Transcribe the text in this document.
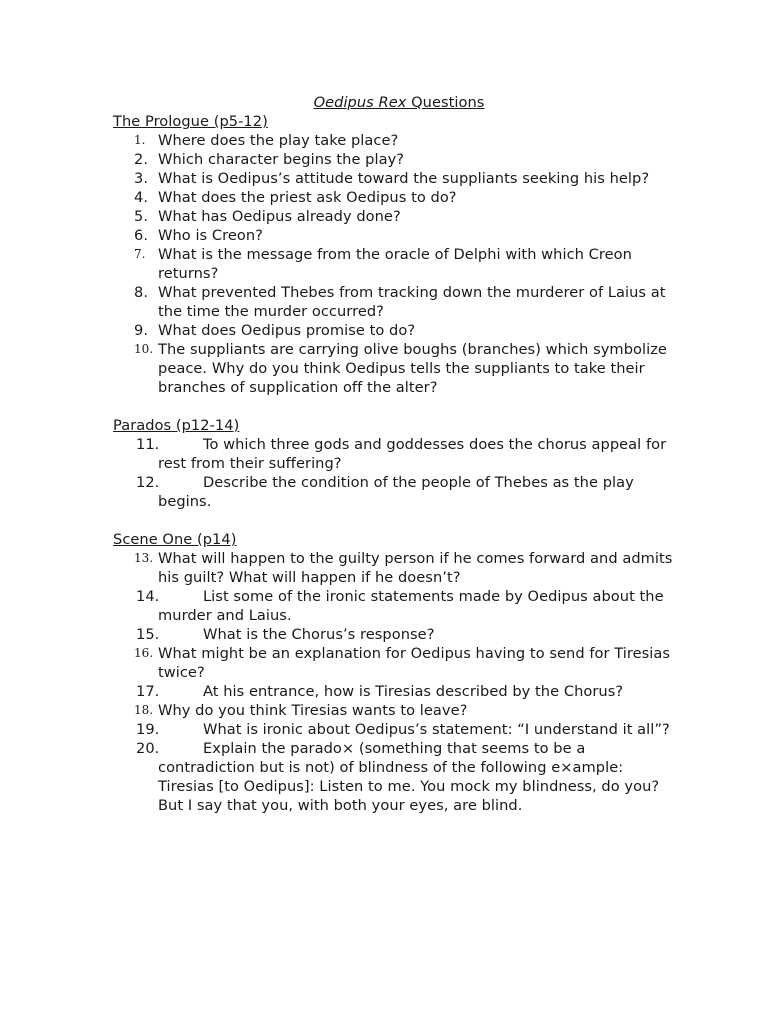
Oedipus Rex Questions
The Prologue (p5-12)
1. Where does the play take place?
2. Which character begins the play?
3. What is Oedipus’s attitude toward the suppliants seeking his help?
4. What does the priest ask Oedipus to do?
5. What has Oedipus already done?
6. Who is Creon?
7. What is the message from the oracle of Delphi with which Creon returns?
8. What prevented Thebes from tracking down the murderer of Laius at the time the murder occurred?
9. What does Oedipus promise to do?
10. The suppliants are carrying olive boughs (branches) which symbolize peace. Why do you think Oedipus tells the suppliants to take their branches of supplication off the alter?
Parados (p12-14)
11.	To which three gods and goddesses does the chorus appeal for rest from their suffering?
12.	Describe the condition of the people of Thebes as the play begins.
Scene One (p14)
13. What will happen to the guilty person if he comes forward and admits his guilt? What will happen if he doesn’t?
14.	List some of the ironic statements made by Oedipus about the murder and Laius.
15.	What is the Chorus’s response?
16. What might be an explanation for Oedipus having to send for Tiresias twice?
17.	At his entrance, how is Tiresias described by the Chorus?
18. Why do you think Tiresias wants to leave?
19.	What is ironic about Oedipus’s statement: “I understand it all”?
20.	Explain the parado× (something that seems to be a contradiction but is not) of blindness of the following e×ample: Tiresias [to Oedipus]: Listen to me. You mock my blindness, do you? But I say that you, with both your eyes, are blind.
